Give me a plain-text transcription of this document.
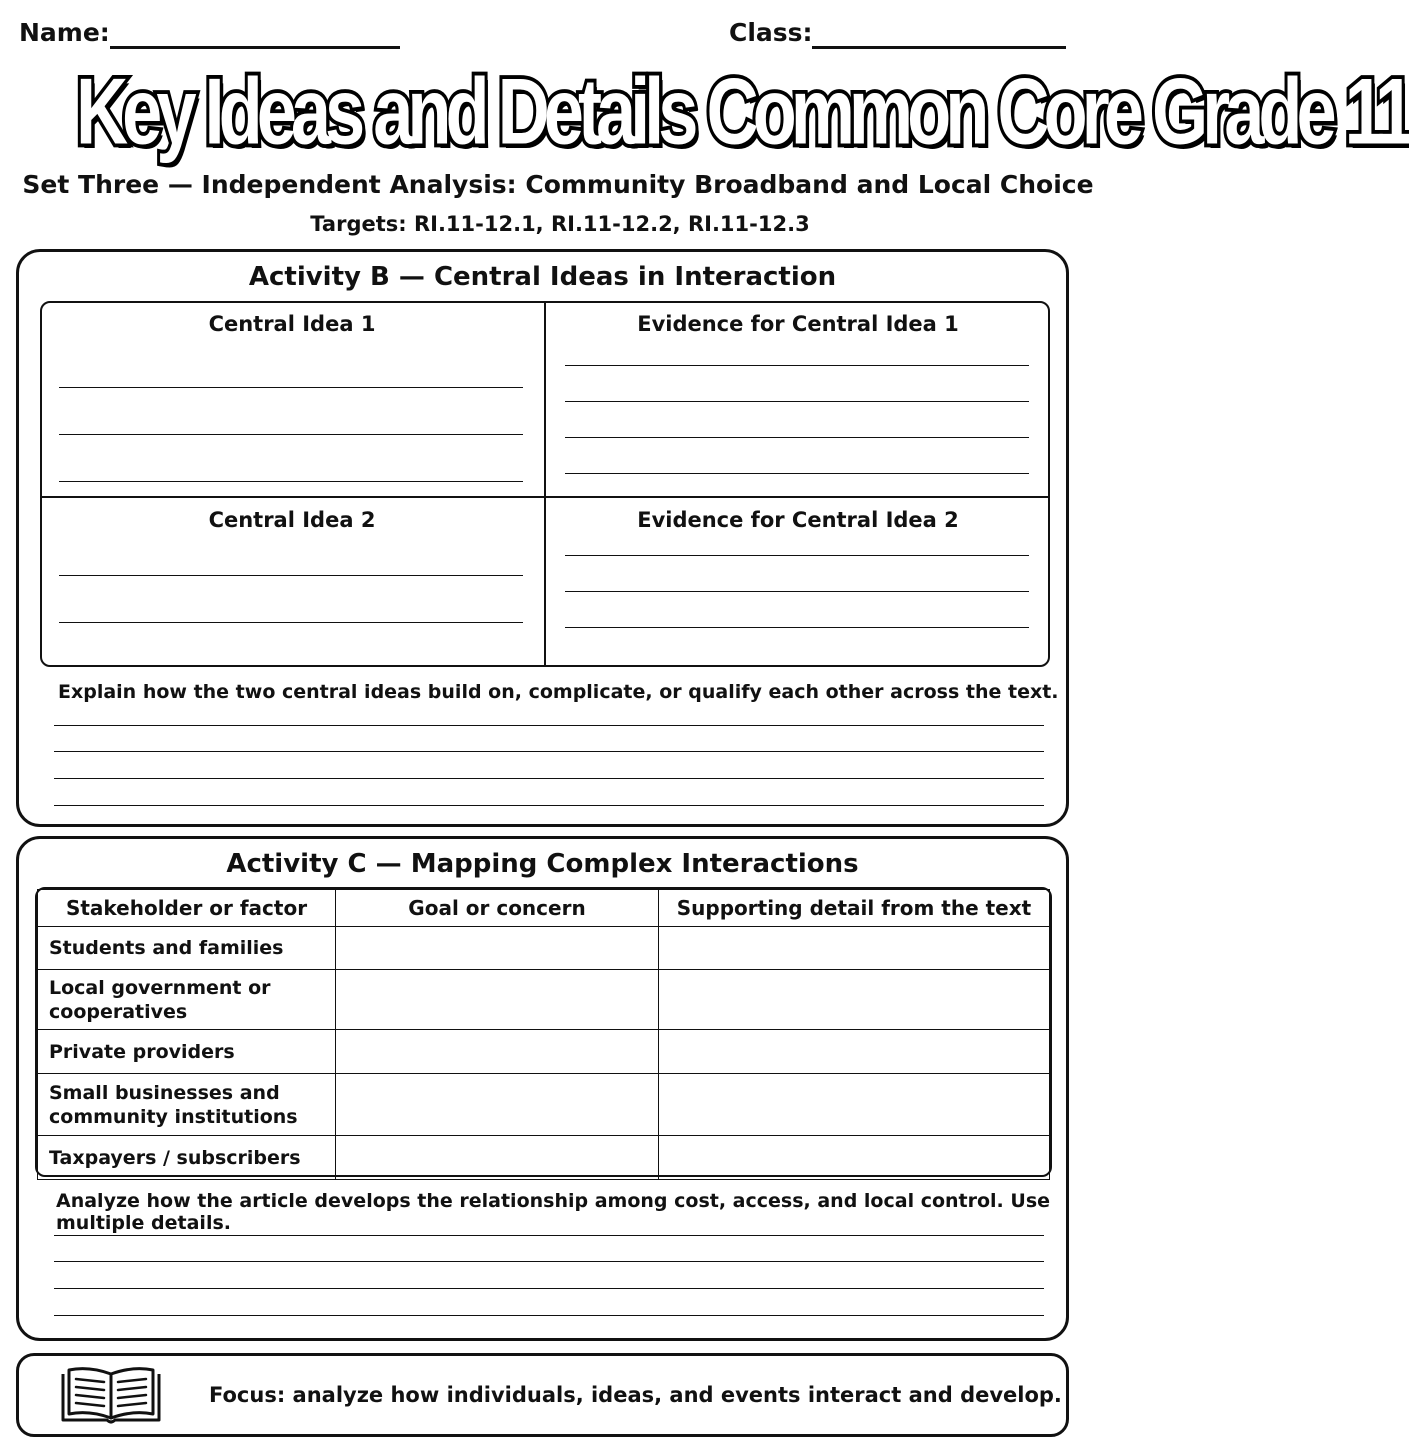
Name:	Class:
Key Ideas and Details Common Core Grade 11
Set Three — Independent Analysis: Community Broadband and Local Choice
Targets: RI.11-12.1, RI.11-12.2, RI.11-12.3
Activity B — Central Ideas in Interaction
Central Idea 1	Evidence for Central Idea 1
Central Idea 2	Evidence for Central Idea 2
Explain how the two central ideas build on, complicate, or qualify each other across the text.
Activity C — Mapping Complex Interactions
Stakeholder or factor	Goal or concern	Supporting detail from the text
Students and families		
Local government or cooperatives		
Private providers		
Small businesses and community institutions		
Taxpayers / subscribers		
Analyze how the article develops the relationship among cost, access, and local control. Use multiple details.
Focus: analyze how individuals, ideas, and events interact and develop.
